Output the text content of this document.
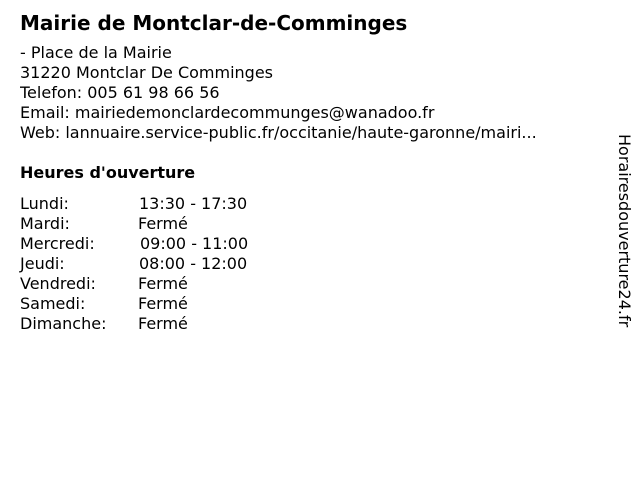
Mairie de Montclar-de-Comminges
- Place de la Mairie
31220 Montclar De Comminges
Telefon: 005 61 98 66 56
Email: mairiedemonclardecommunges@wanadoo.fr
Web: lannuaire.service-public.fr/occitanie/haute-garonne/mairi...
Heures d'ouverture
Lundi:	13:30 - 17:30
Mardi:	Fermé
Mercredi:	09:00 - 11:00
Jeudi:	08:00 - 12:00
Vendredi:	Fermé
Samedi:	Fermé
Dimanche:	Fermé	Horairesdouverture24.fr
